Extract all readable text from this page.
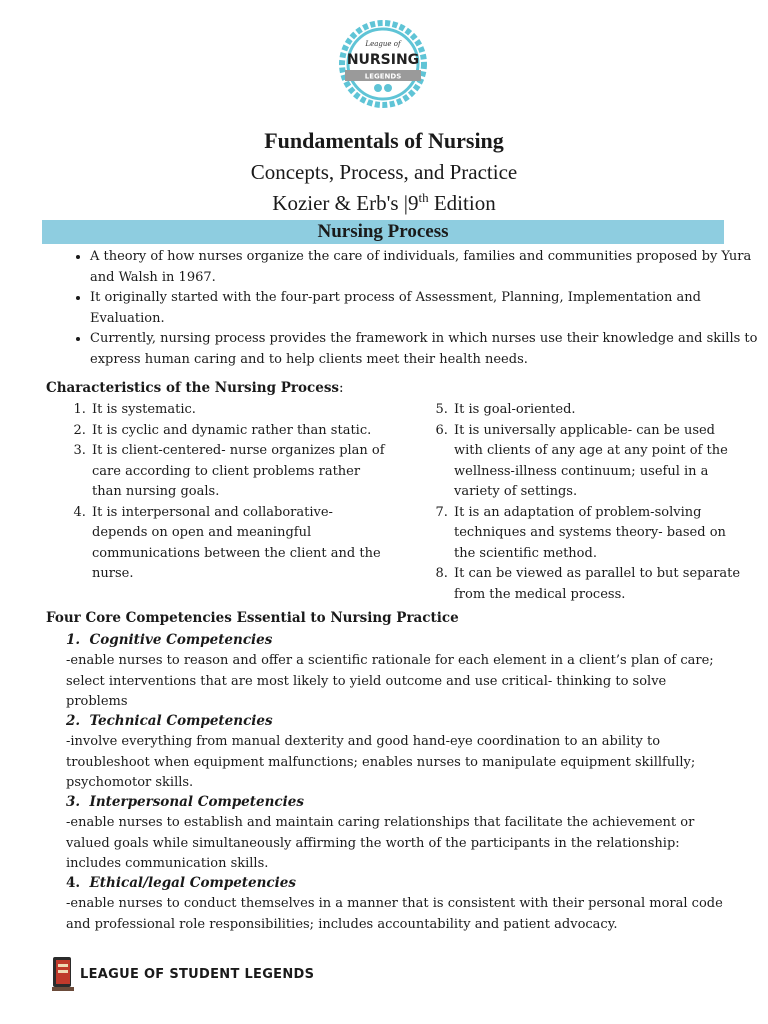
League of
NURSING
LEGENDS
Fundamentals of Nursing
Concepts, Process, and Practice
Kozier & Erb's |9th Edition
Nursing Process
• A theory of how nurses organize the care of individuals, families and communities proposed by Yura and Walsh in 1967.
• It originally started with the four-part process of Assessment, Planning, Implementation and Evaluation.
• Currently, nursing process provides the framework in which nurses use their knowledge and skills to express human caring and to help clients meet their health needs.
Characteristics of the Nursing Process:
1. It is systematic.
2. It is cyclic and dynamic rather than static.
3. It is client-centered- nurse organizes plan of care according to client problems rather than nursing goals.
4. It is interpersonal and collaborative- depends on open and meaningful communications between the client and the nurse.
5. It is goal-oriented.
6. It is universally applicable- can be used with clients of any age at any point of the wellness-illness continuum; useful in a variety of settings.
7. It is an adaptation of problem-solving techniques and systems theory- based on the scientific method.
8. It can be viewed as parallel to but separate from the medical process.
Four Core Competencies Essential to Nursing Practice
1. Cognitive Competencies
-enable nurses to reason and offer a scientific rationale for each element in a client’s plan of care; select interventions that are most likely to yield outcome and use critical- thinking to solve problems
2. Technical Competencies
-involve everything from manual dexterity and good hand-eye coordination to an ability to troubleshoot when equipment malfunctions; enables nurses to manipulate equipment skillfully; psychomotor skills.
3. Interpersonal Competencies
-enable nurses to establish and maintain caring relationships that facilitate the achievement or valued goals while simultaneously affirming the worth of the participants in the relationship: includes communication skills.
4. Ethical/legal Competencies
-enable nurses to conduct themselves in a manner that is consistent with their personal moral code and professional role responsibilities; includes accountability and patient advocacy.
LEAGUE OF STUDENT LEGENDS
